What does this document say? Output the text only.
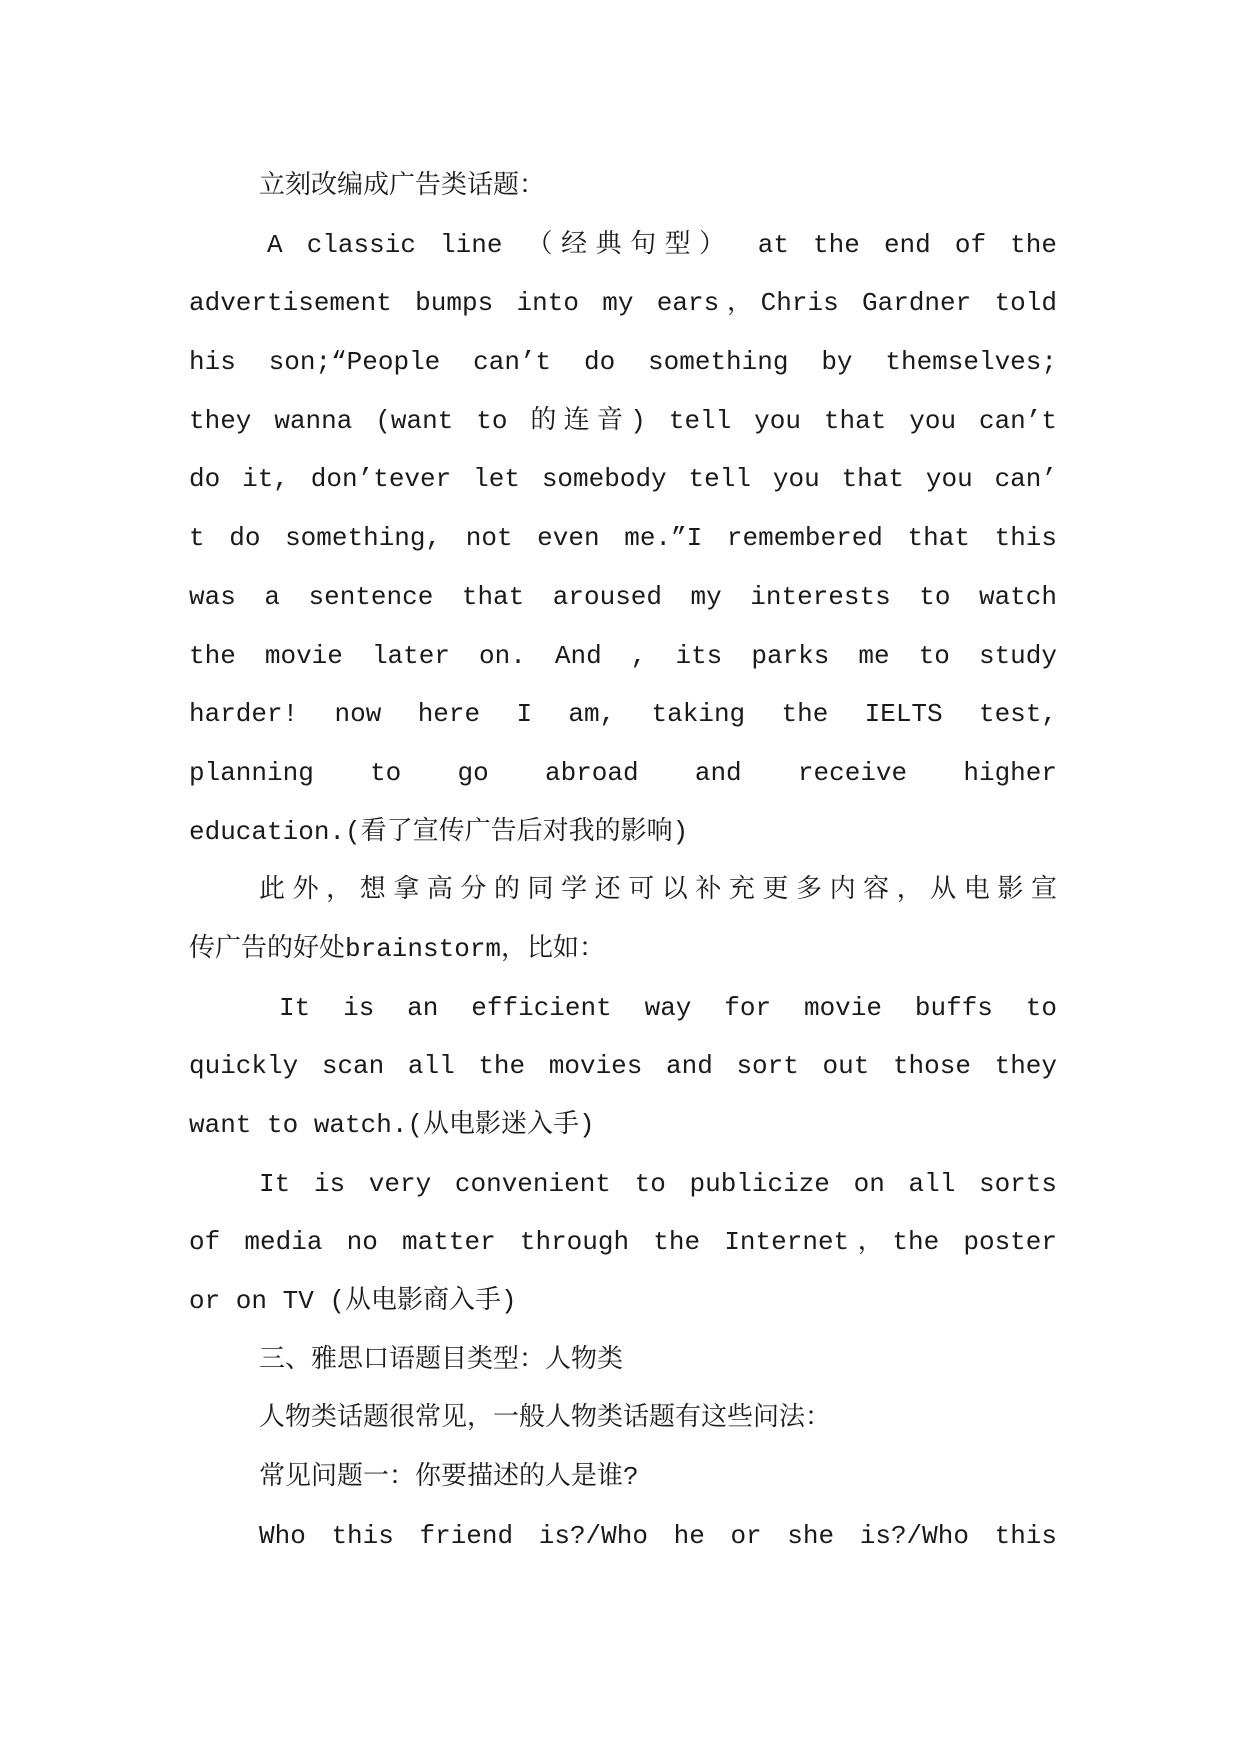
立刻改编成广告类话题：
A classic line （经典句型） at the end of the
advertisement bumps into my ears，Chris Gardner told
his son;“People can’t do something by themselves;
they wanna (want to 的连音) tell you that you can’t
do it, don’tever let somebody tell you that you can’
t do something, not even me.”I remembered that this
was a sentence that aroused my interests to watch
the movie later on. And , its parks me to study
harder! now here I am, taking the IELTS test,
planning to go abroad and receive higher
education.(看了宣传广告后对我的影响)
此外，想拿高分的同学还可以补充更多内容，从电影宣
传广告的好处brainstorm，比如：
It is an efficient way for movie buffs to
quickly scan all the movies and sort out those they
want to watch.(从电影迷入手)
It is very convenient to publicize on all sorts
of media no matter through the Internet，the poster
or on TV (从电影商入手)
三、雅思口语题目类型：人物类
人物类话题很常见，一般人物类话题有这些问法：
常见问题一：你要描述的人是谁?
Who this friend is?/Who he or she is?/Who this
